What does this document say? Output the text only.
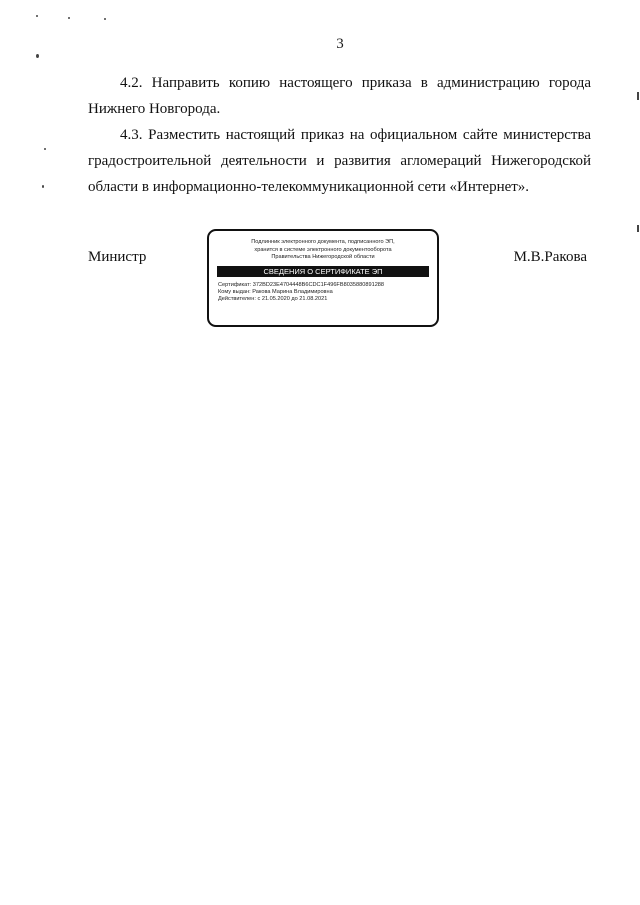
3

4.2. Направить копию настоящего приказа в администрацию города Нижнего Новгорода.

4.3. Разместить настоящий приказ на официальном сайте министерства градостроительной деятельности и развития агломераций Нижегородской области в информационно-телекоммуникационной сети «Интернет».

Министр
Подлинник электронного документа, подписанного ЭП,
хранится в системе электронного документооборота
Правительства Нижегородской области
СВЕДЕНИЯ О СЕРТИФИКАТЕ ЭП
Сертификат: 372BD23E4704448B6CDC1F496FB8035880891288
Кому выдан: Ракова Марина Владимировна
Действителен: с 21.05.2020 до 21.08.2021
М.В.Ракова
